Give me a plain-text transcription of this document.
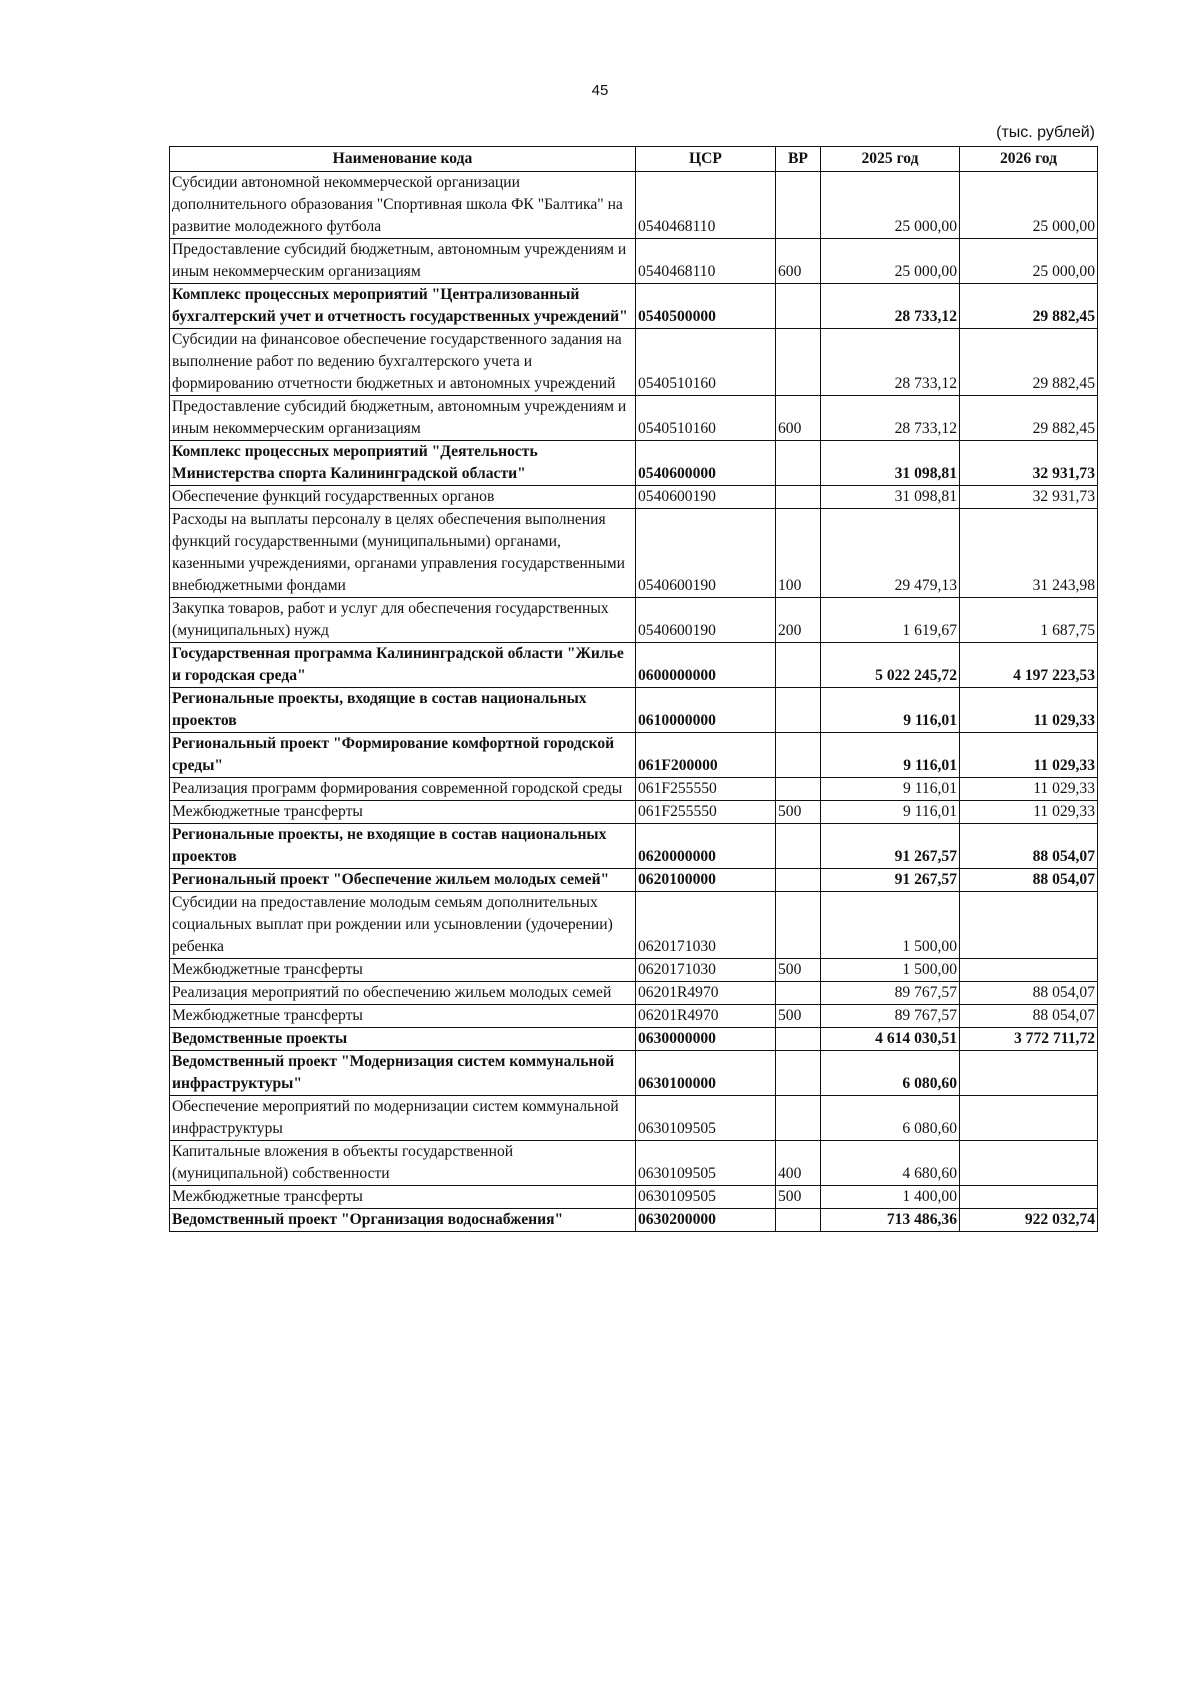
45
(тыс. рублей)
Наименование кода	ЦСР	ВР	2025 год	2026 год
Субсидии автономной некоммерческой организации дополнительного образования "Спортивная школа ФК "Балтика" на развитие молодежного футбола	0540468110		25 000,00	25 000,00
Предоставление субсидий бюджетным, автономным учреждениям и иным некоммерческим организациям	0540468110	600	25 000,00	25 000,00
Комплекс процессных мероприятий "Централизованный бухгалтерский учет и отчетность государственных учреждений"	0540500000		28 733,12	29 882,45
Субсидии на финансовое обеспечение государственного задания на выполнение работ по ведению бухгалтерского учета и формированию отчетности бюджетных и автономных учреждений	0540510160		28 733,12	29 882,45
Предоставление субсидий бюджетным, автономным учреждениям и иным некоммерческим организациям	0540510160	600	28 733,12	29 882,45
Комплекс процессных мероприятий "Деятельность Министерства спорта Калининградской области"	0540600000		31 098,81	32 931,73
Обеспечение функций государственных органов	0540600190		31 098,81	32 931,73
Расходы на выплаты персоналу в целях обеспечения выполнения функций государственными (муниципальными) органами, казенными учреждениями, органами управления государственными внебюджетными фондами	0540600190	100	29 479,13	31 243,98
Закупка товаров, работ и услуг для обеспечения государственных (муниципальных) нужд	0540600190	200	1 619,67	1 687,75
Государственная программа Калининградской области "Жилье и городская среда"	0600000000		5 022 245,72	4 197 223,53
Региональные проекты, входящие в состав национальных проектов	0610000000		9 116,01	11 029,33
Региональный проект "Формирование комфортной городской среды"	061F200000		9 116,01	11 029,33
Реализация программ формирования современной городской среды	061F255550		9 116,01	11 029,33
Межбюджетные трансферты	061F255550	500	9 116,01	11 029,33
Региональные проекты, не входящие в состав национальных проектов	0620000000		91 267,57	88 054,07
Региональный проект "Обеспечение жильем молодых семей"	0620100000		91 267,57	88 054,07
Субсидии на предоставление молодым семьям дополнительных социальных выплат при рождении или усыновлении (удочерении) ребенка	0620171030		1 500,00	
Межбюджетные трансферты	0620171030	500	1 500,00	
Реализация мероприятий по обеспечению жильем молодых семей	06201R4970		89 767,57	88 054,07
Межбюджетные трансферты	06201R4970	500	89 767,57	88 054,07
Ведомственные проекты	0630000000		4 614 030,51	3 772 711,72
Ведомственный проект "Модернизация систем коммунальной инфраструктуры"	0630100000		6 080,60	
Обеспечение мероприятий по модернизации систем коммунальной инфраструктуры	0630109505		6 080,60	
Капитальные вложения в объекты государственной (муниципальной) собственности	0630109505	400	4 680,60	
Межбюджетные трансферты	0630109505	500	1 400,00	
Ведомственный проект "Организация водоснабжения"	0630200000		713 486,36	922 032,74
